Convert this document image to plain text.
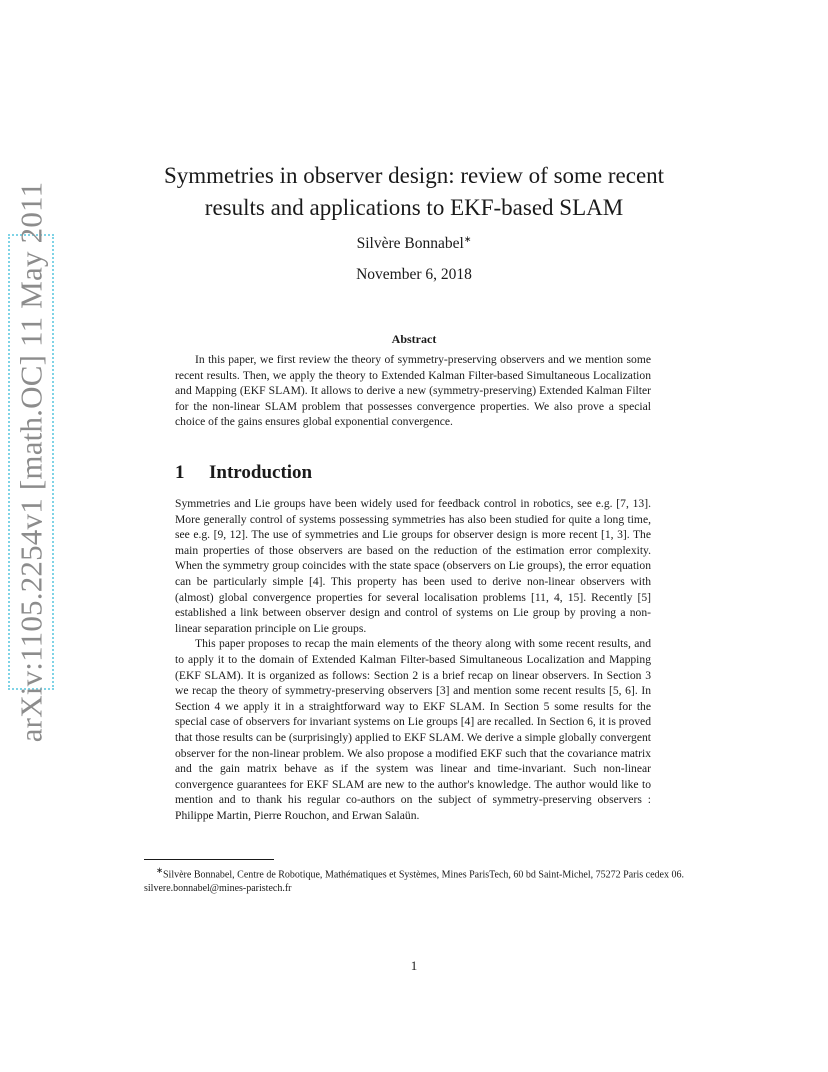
arXiv:1105.2254v1 [math.OC] 11 May 2011
Symmetries in observer design: review of some recent
results and applications to EKF-based SLAM
Silvère Bonnabel∗
November 6, 2018
Abstract

In this paper, we first review the theory of symmetry-preserving observers and we mention some recent results. Then, we apply the theory to Extended Kalman Filter-based Simultaneous Localization and Mapping (EKF SLAM). It allows to derive a new (symmetry-preserving) Extended Kalman Filter for the non-linear SLAM problem that possesses convergence properties. We also prove a special choice of the gains ensures global exponential convergence.

1 Introduction

Symmetries and Lie groups have been widely used for feedback control in robotics, see e.g. [7, 13]. More generally control of systems possessing symmetries has also been studied for quite a long time, see e.g. [9, 12]. The use of symmetries and Lie groups for observer design is more recent [1, 3]. The main properties of those observers are based on the reduction of the estimation error complexity. When the symmetry group coincides with the state space (observers on Lie groups), the error equation can be particularly simple [4]. This property has been used to derive non-linear observers with (almost) global convergence properties for several localisation problems [11, 4, 15]. Recently [5] established a link between observer design and control of systems on Lie group by proving a non-linear separation principle on Lie groups.

This paper proposes to recap the main elements of the theory along with some recent results, and to apply it to the domain of Extended Kalman Filter-based Simultaneous Localization and Mapping (EKF SLAM). It is organized as follows: Section 2 is a brief recap on linear observers. In Section 3 we recap the theory of symmetry-preserving observers [3] and mention some recent results [5, 6]. In Section 4 we apply it in a straightforward way to EKF SLAM. In Section 5 some results for the special case of observers for invariant systems on Lie groups [4] are recalled. In Section 6, it is proved that those results can be (surprisingly) applied to EKF SLAM. We derive a simple globally convergent observer for the non-linear problem. We also propose a modified EKF such that the covariance matrix and the gain matrix behave as if the system was linear and time-invariant. Such non-linear convergence guarantees for EKF SLAM are new to the author's knowledge. The author would like to mention and to thank his regular co-authors on the subject of symmetry-preserving observers : Philippe Martin, Pierre Rouchon, and Erwan Salaün.

∗Silvère Bonnabel, Centre de Robotique, Mathématiques et Systèmes, Mines ParisTech, 60 bd Saint-Michel, 75272 Paris cedex 06. silvere.bonnabel@mines-paristech.fr

1
